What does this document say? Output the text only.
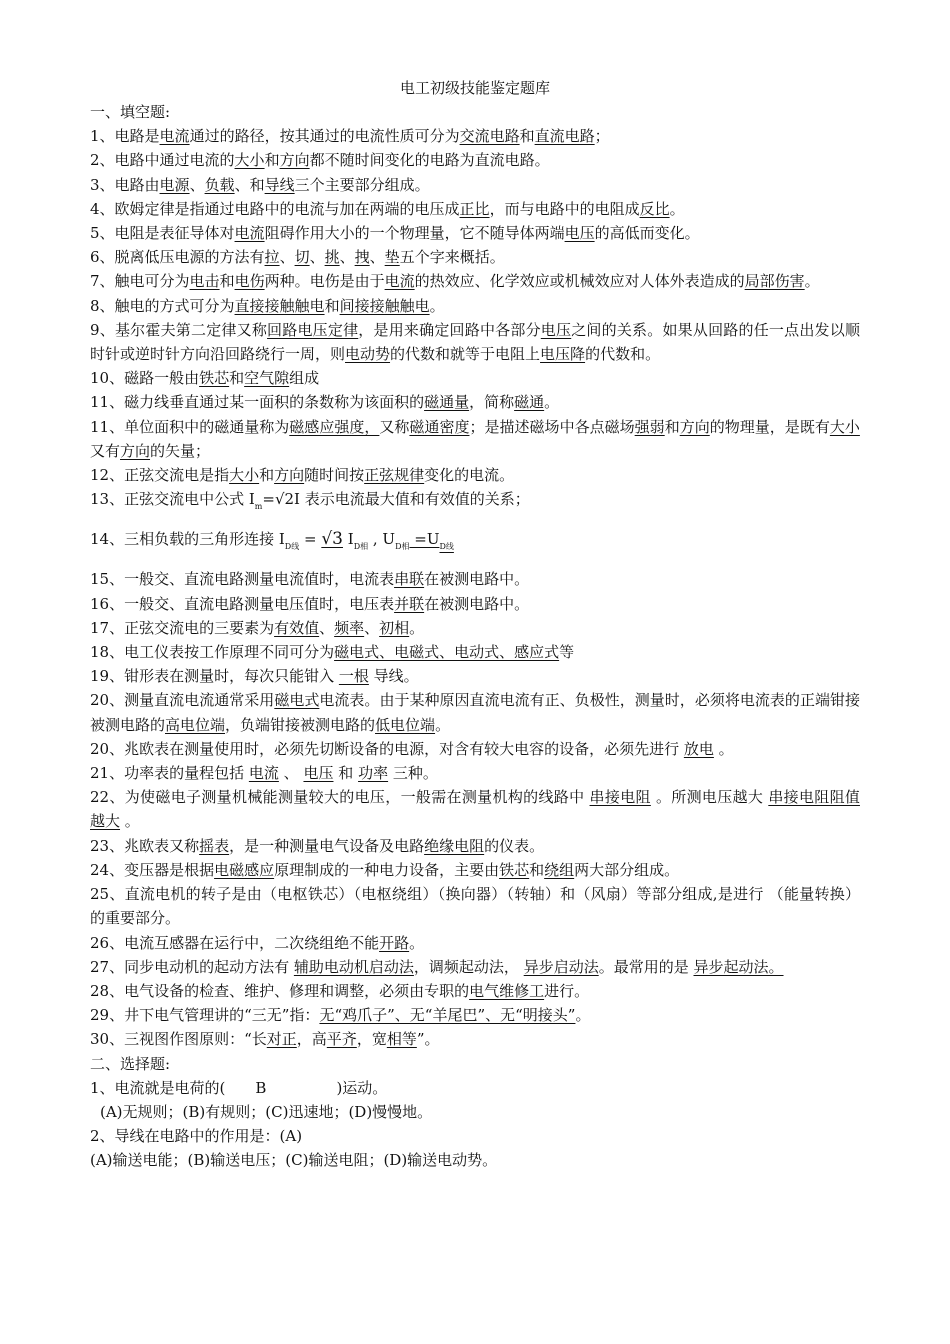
电工初级技能鉴定题库
一、填空题:
1、电路是电流通过的路径，按其通过的电流性质可分为交流电路和直流电路；
2、电路中通过电流的大小和方向都不随时间变化的电路为直流电路。
3、电路由电源、负载、和导线三个主要部分组成。
4、欧姆定律是指通过电路中的电流与加在两端的电压成正比，而与电路中的电阻成反比。
5、电阻是表征导体对电流阻碍作用大小的一个物理量，它不随导体两端电压的高低而变化。
6、脱离低压电源的方法有拉、切、挑、拽、垫五个字来概括。
7、触电可分为电击和电伤两种。电伤是由于电流的热效应、化学效应或机械效应对人体外表造成的局部伤害。
8、触电的方式可分为直接接触触电和间接接触触电。
9、基尔霍夫第二定律又称回路电压定律，是用来确定回路中各部分电压之间的关系。如果从回路的任一点出发以顺时针或逆时针方向沿回路绕行一周，则电动势的代数和就等于电阻上电压降的代数和。
10、磁路一般由铁芯和空气隙组成
11、磁力线垂直通过某一面积的条数称为该面积的磁通量，简称磁通。
11、单位面积中的磁通量称为磁感应强度，又称磁通密度；是描述磁场中各点磁场强弱和方向的物理量，是既有大小又有方向的矢量；
12、正弦交流电是指大小和方向随时间按正弦规律变化的电流。
13、正弦交流电中公式 $I_m=√2I$ 表示电流最大值和有效值的关系；
14、三相负载的三角形连接 $I_{D线} = √3$ $I_{D相}$ , $U_{D相} =U_{D线}$
15、一般交、直流电路测量电流值时，电流表串联在被测电路中。
16、一般交、直流电路测量电压值时，电压表并联在被测电路中。
17、正弦交流电的三要素为有效值、频率、初相。
18、电工仪表按工作原理不同可分为磁电式、电磁式、电动式、感应式等
19、钳形表在测量时，每次只能钳入 一根 导线。
20、测量直流电流通常采用磁电式电流表。由于某种原因直流电流有正、负极性，测量时，必须将电流表的正端钳接被测电路的高电位端，负端钳接被测电路的低电位端。
20、兆欧表在测量使用时，必须先切断设备的电源，对含有较大电容的设备，必须先进行 放电 。
21、功率表的量程包括 电流 、 电压 和 功率 三种。
22、为使磁电子测量机械能测量较大的电压，一般需在测量机构的线路中 串接电阻 。所测电压越大 串接电阻阻值 越大 。
23、兆欧表又称摇表，是一种测量电气设备及电路绝缘电阻的仪表。
24、变压器是根据电磁感应原理制成的一种电力设备，主要由铁芯和绕组两大部分组成。
25、直流电机的转子是由（电枢铁芯）（电枢绕组）（换向器）（转轴）和（风扇）等部分组成,是进行 （能量转换）的重要部分。
26、电流互感器在运行中，二次绕组绝不能开路。
27、同步电动机的起动方法有 辅助电动机启动法，调频起动法， 异步启动法。最常用的是 异步起动法。
28、电气设备的检查、维护、修理和调整，必须由专职的电气维修工进行。
29、井下电气管理讲的“三无”指：无“鸡爪子”、无“羊尾巴”、无“明接头”。
30、三视图作图原则：“长对正，高平齐，宽相等”。
二、选择题:
1、电流就是电荷的( B	)运动。
(A)无规则；(B)有规则；(C)迅速地；(D)慢慢地。
2、导线在电路中的作用是：(A)
(A)输送电能；(B)输送电压；(C)输送电阻；(D)输送电动势。
